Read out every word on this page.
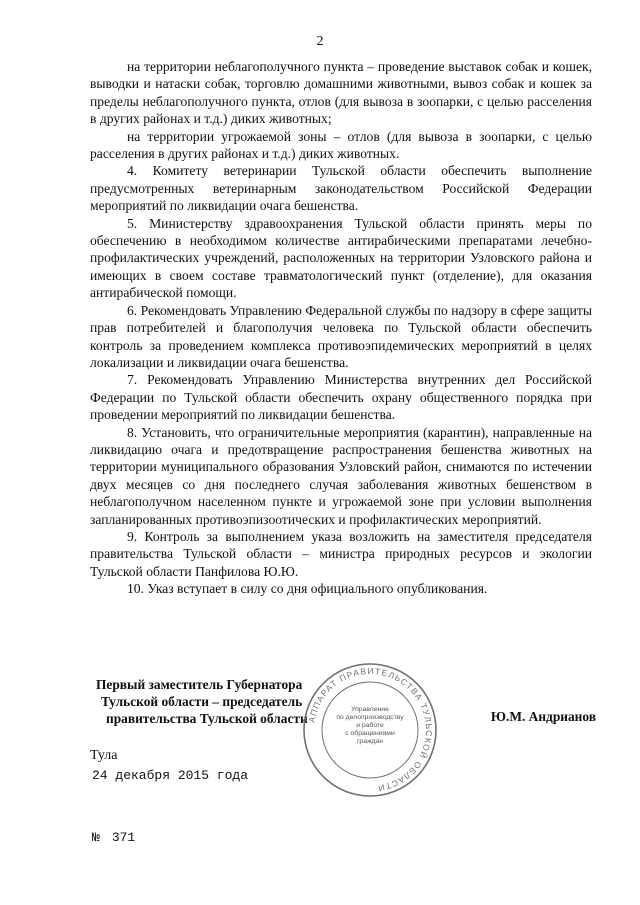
2

на территории неблагополучного пункта – проведение выставок собак и кошек, выводки и натаски собак, торговлю домашними животными, вывоз собак и кошек за пределы неблагополучного пункта, отлов (для вывоза в зоопарки, с целью расселения в других районах и т.д.) диких животных;

на территории угрожаемой зоны – отлов (для вывоза в зоопарки, с целью расселения в других районах и т.д.) диких животных.

4. Комитету ветеринарии Тульской области обеспечить выполнение предусмотренных ветеринарным законодательством Российской Федерации мероприятий по ликвидации очага бешенства.

5. Министерству здравоохранения Тульской области принять меры по обеспечению в необходимом количестве антирабическими препаратами лечебно-профилактических учреждений, расположенных на территории Узловского района и имеющих в своем составе травматологический пункт (отделение), для оказания антирабической помощи.

6. Рекомендовать Управлению Федеральной службы по надзору в сфере защиты прав потребителей и благополучия человека по Тульской области обеспечить контроль за проведением комплекса противоэпидемических мероприятий в целях локализации и ликвидации очага бешенства.

7. Рекомендовать Управлению Министерства внутренних дел Российской Федерации по Тульской области обеспечить охрану общественного порядка при проведении мероприятий по ликвидации бешенства.

8. Установить, что ограничительные мероприятия (карантин), направленные на ликвидацию очага и предотвращение распространения бешенства животных на территории муниципального образования Узловский район, снимаются по истечении двух месяцев со дня последнего случая заболевания животных бешенством в неблагополучном населенном пункте и угрожаемой зоне при условии выполнения запланированных противоэпизоотических и профилактических мероприятий.

9. Контроль за выполнением указа возложить на заместителя председателя правительства Тульской области – министра природных ресурсов и экологии Тульской области Панфилова Ю.Ю.

10. Указ вступает в силу со дня официального опубликования.

Первый заместитель Губернатора
Тульской области – председатель
правительства Тульской области	Ю.М. Андрианов
АППАРАТ ПРАВИТЕЛЬСТВА ТУЛЬСКОЙ ОБЛАСТИ
Управление
по делопроизводству
и работе
с обращениями
граждан
Тула
24 декабря 2015 года
№ 371
